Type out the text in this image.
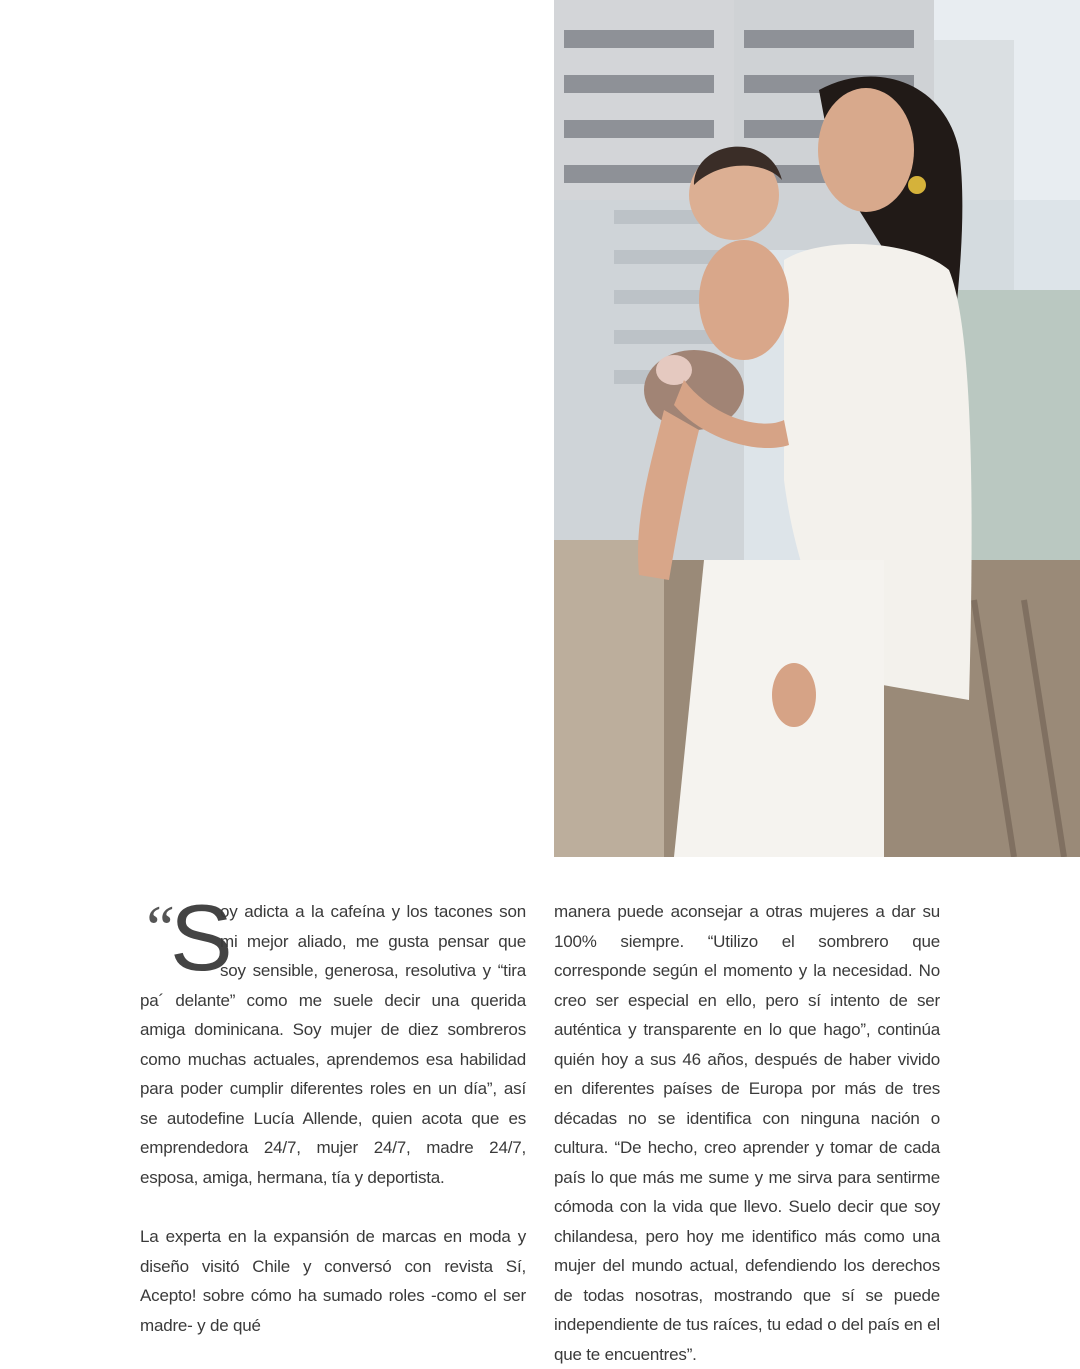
“ S

oy adicta a la cafeína y los tacones son mi mejor aliado, me gusta pensar que soy sensible, generosa, resolutiva y “tira pa´ delante” como me suele decir una querida amiga dominicana. Soy mujer de diez sombreros como muchas actuales, aprendemos esa habilidad para poder cumplir diferentes roles en un día”, así se autodefine Lucía Allende, quien acota que es emprendedora 24/7, mujer 24/7, madre 24/7, esposa, amiga, hermana, tía y deportista.

La experta en la expansión de marcas en moda y diseño visitó Chile y conversó con revista Sí, Acepto! sobre cómo ha sumado roles -como el ser madre- y de qué

manera puede aconsejar a otras mujeres a dar su 100% siempre. “Utilizo el sombrero que corresponde según el momento y la necesidad. No creo ser especial en ello, pero sí intento de ser auténtica y transparente en lo que hago”, continúa quién hoy a sus 46 años, después de haber vivido en diferentes países de Europa por más de tres décadas no se identifica con ninguna nación o cultura. “De hecho, creo aprender y tomar de cada país lo que más me sume y me sirva para sentirme cómoda con la vida que llevo. Suelo decir que soy chilandesa, pero hoy me identifico más como una mujer del mundo actual, defendiendo los derechos de todas nosotras, mostrando que sí se puede independiente de tus raíces, tu edad o del país en el que te encuentres”.
